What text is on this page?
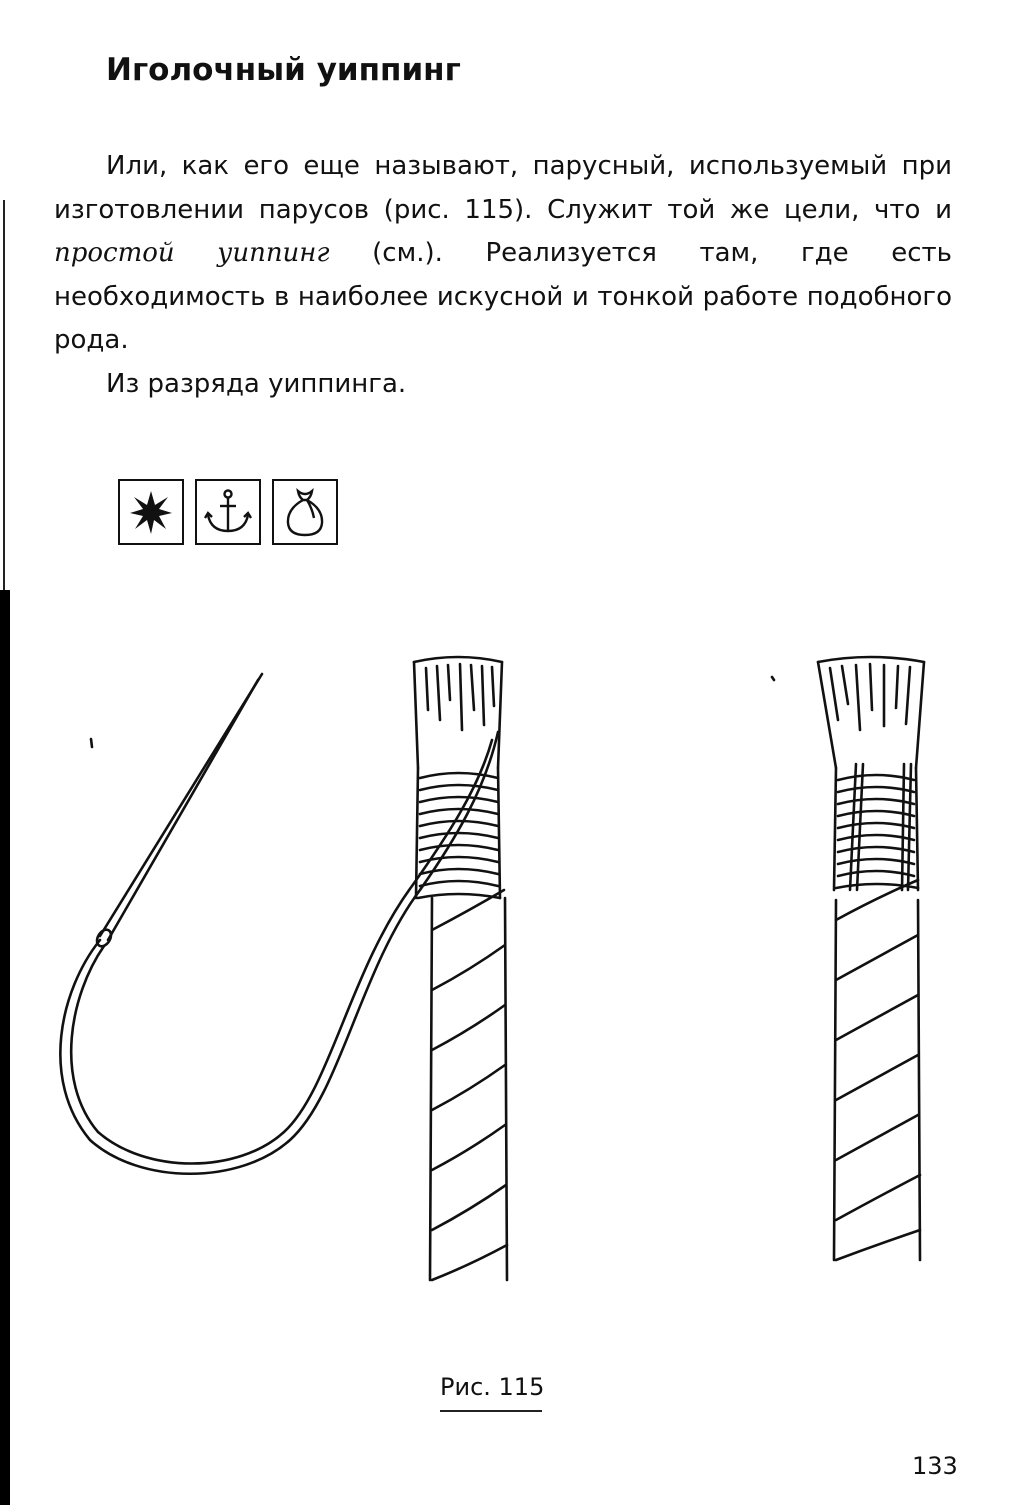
Иголочный уиппинг

Или, как его еще называют, парусный, используемый при изготовлении парусов (рис. 115). Служит той же цели, что и простой уиппинг (см.). Реализуется там, где есть необходимость в наиболее искусной и тонкой работе подобного рода.

Из разряда уиппинга.

Рис. 115
133
